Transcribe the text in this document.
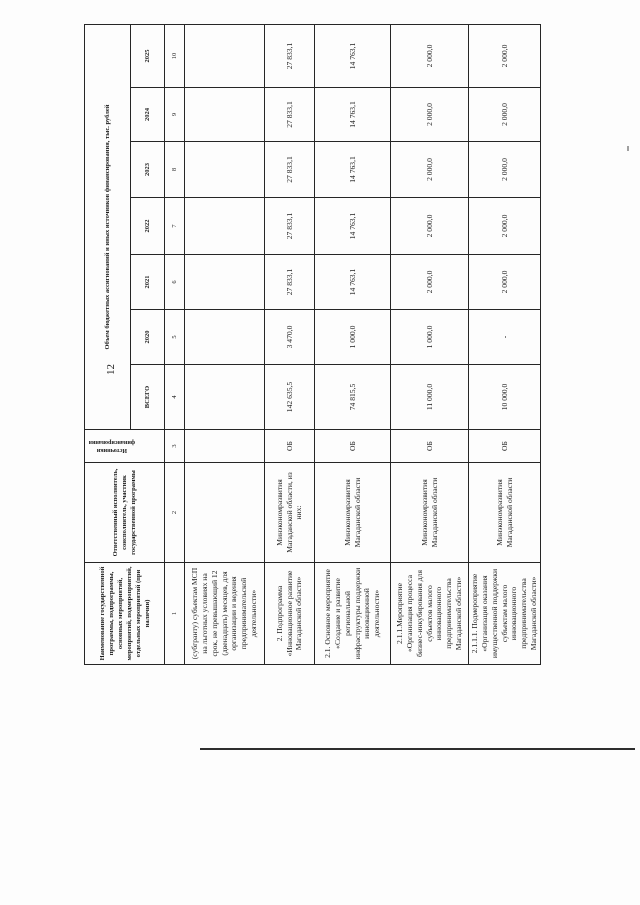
12
Наименование государственной программы, подпрограммы, основных мероприятий, мероприятий, подмероприятий, отдельных мероприятий (при наличии)	Ответственный исполнитель, соисполнитель, участник государственной программы	Источники финансирования	Объем бюджетных ассигнований и иных источников финансирования, тыс. рублей						
			ВСЕГО	2020	2021	2022	2023	2024	2025
1	2	3	4	5	6	7	8	9	10
(субгранту) субъектам МСП на льготных условиях на срок, не превышающий 12 (двенадцать) месяцев, для организации и ведения предпринимательской деятельности»									
2. Подпрограмма «Инновационное развитие Магаданской области»	Минэкономразвития Магаданской области, из них:	ОБ	142 635,5	3 470,0	27 833,1	27 833,1	27 833,1	27 833,1	27 833,1
2.1. Основное мероприятие «Создание и развитие региональной инфраструктуры поддержки инновационной деятельности»	Минэкономразвития Магаданской области	ОБ	74 815,5	1 000,0	14 763,1	14 763,1	14 763,1	14 763,1	14 763,1
2.1.1.Мероприятие «Организация процесса бизнес-инкубирования для субъектов малого инновационного предпринимательства Магаданской области»	Минэкономразвития Магаданской области	ОБ	11 000,0	1 000,0	2 000,0	2 000,0	2 000,0	2 000,0	2 000,0
2.1.1.1. Подмероприятие «Организация оказания имущественной поддержки субъектам малого инновационного предпринимательства Магаданской области»	Минэкономразвития Магаданской области	ОБ	10 000,0	-	2 000,0	2 000,0	2 000,0	2 000,0	2 000,0
